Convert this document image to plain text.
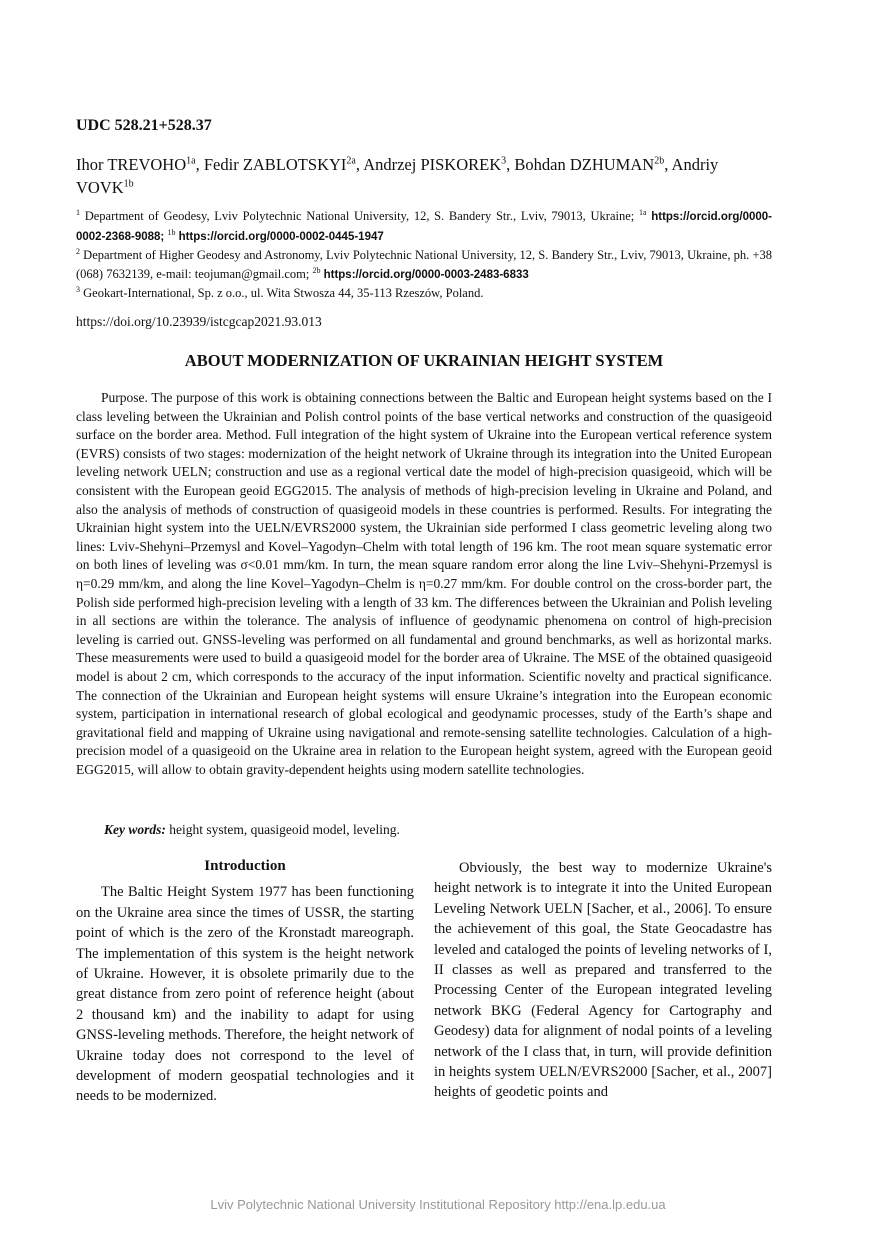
UDC 528.21+528.37
Ihor $TREVOHO^{1a}$, Fedir $ZABLOTSKYI^{2a}$, Andrzej PISKOREK$^3$, Bohdan $DZHUMAN^{2b}$, Andriy $VOVK^{1b}$
$^1$ Department of Geodesy, Lviv Polytechnic National University, 12, S. Bandery Str., Lviv, 79013, Ukraine; $^{1a}$ https://orcid.org/0000-0002-2368-9088; $^{1b}$ https://orcid.org/0000-0002-0445-1947
$^2$ Department of Higher Geodesy and Astronomy, Lviv Polytechnic National University, 12, S. Bandery Str., Lviv, 79013, Ukraine, ph. +38 (068) 7632139, e-mail: teojuman@gmail.com; $^{2b}$ https://orcid.org/0000-0003-2483-6833
$^3$ Geokart-International, Sp. z o.o., ul. Wita Stwosza 44, 35-113 Rzeszów, Poland.
https://doi.org/10.23939/istcgcap2021.93.013
ABOUT MODERNIZATION OF UKRAINIAN HEIGHT SYSTEM

Purpose. The purpose of this work is obtaining connections between the Baltic and European height systems based on the I class leveling between the Ukrainian and Polish control points of the base vertical networks and construction of the quasigeoid surface on the border area. Method. Full integration of the hight system of Ukraine into the European vertical reference system (EVRS) consists of two stages: modernization of the height network of Ukraine through its integration into the United European leveling network UELN; construction and use as a regional vertical date the model of high-precision quasigeoid, which will be consistent with the European geoid EGG2015. The analysis of methods of high-precision leveling in Ukraine and Poland, and also the analysis of methods of construction of quasigeoid models in these countries is performed. Results. For integrating the Ukrainian hight system into the UELN/EVRS2000 system, the Ukrainian side performed I class geometric leveling along two lines: Lviv-Shehyni–Przemysl and Kovel–Yagodyn–Chelm with total length of 196 km. The root mean square systematic error on both lines of leveling was σ<0.01 mm/km. In turn, the mean square random error along the line Lviv–Shehyni-Przemysl is η=0.29 mm/km, and along the line Kovel–Yagodyn–Chelm is η=0.27 mm/km. For double control on the cross-border part, the Polish side performed high-precision leveling with a length of 33 km. The differences between the Ukrainian and Polish leveling in all sections are within the tolerance. The analysis of influence of geodynamic phenomena on control of high-precision leveling is carried out. GNSS-leveling was performed on all fundamental and ground benchmarks, as well as horizontal marks. These measurements were used to build a quasigeoid model for the border area of Ukraine. The MSE of the obtained quasigeoid model is about 2 cm, which corresponds to the accuracy of the input information. Scientific novelty and practical significance. The connection of the Ukrainian and European height systems will ensure Ukraine’s integration into the European economic system, participation in international research of global ecological and geodynamic processes, study of the Earth’s shape and gravitational field and mapping of Ukraine using navigational and remote-sensing satellite technologies. Calculation of a high-precision model of a quasigeoid on the Ukraine area in relation to the European height system, agreed with the European geoid EGG2015, will allow to obtain gravity-dependent heights using modern satellite technologies.

Key words: height system, quasigeoid model, leveling.
Introduction

The Baltic Height System 1977 has been functioning on the Ukraine area since the times of USSR, the starting point of which is the zero of the Kronstadt mareograph. The implementation of this system is the height network of Ukraine. However, it is obsolete primarily due to the great distance from zero point of reference height (about 2 thousand km) and the inability to adapt for using GNSS-leveling methods. Therefore, the height network of Ukraine today does not correspond to the level of development of modern geospatial technologies and it needs to be modernized.

Obviously, the best way to modernize Ukraine's height network is to integrate it into the United European Leveling Network UELN [Sacher, et al., 2006]. To ensure the achievement of this goal, the State Geocadastre has leveled and cataloged the points of leveling networks of I, II classes as well as prepared and transferred to the Processing Center of the European integrated leveling network BKG (Federal Agency for Cartography and Geodesy) data for alignment of nodal points of a leveling network of the I class that, in turn, will provide definition in heights system UELN/EVRS2000 [Sacher, et al., 2007] heights of geodetic points and

Lviv Polytechnic National University Institutional Repository http://ena.lp.edu.ua
